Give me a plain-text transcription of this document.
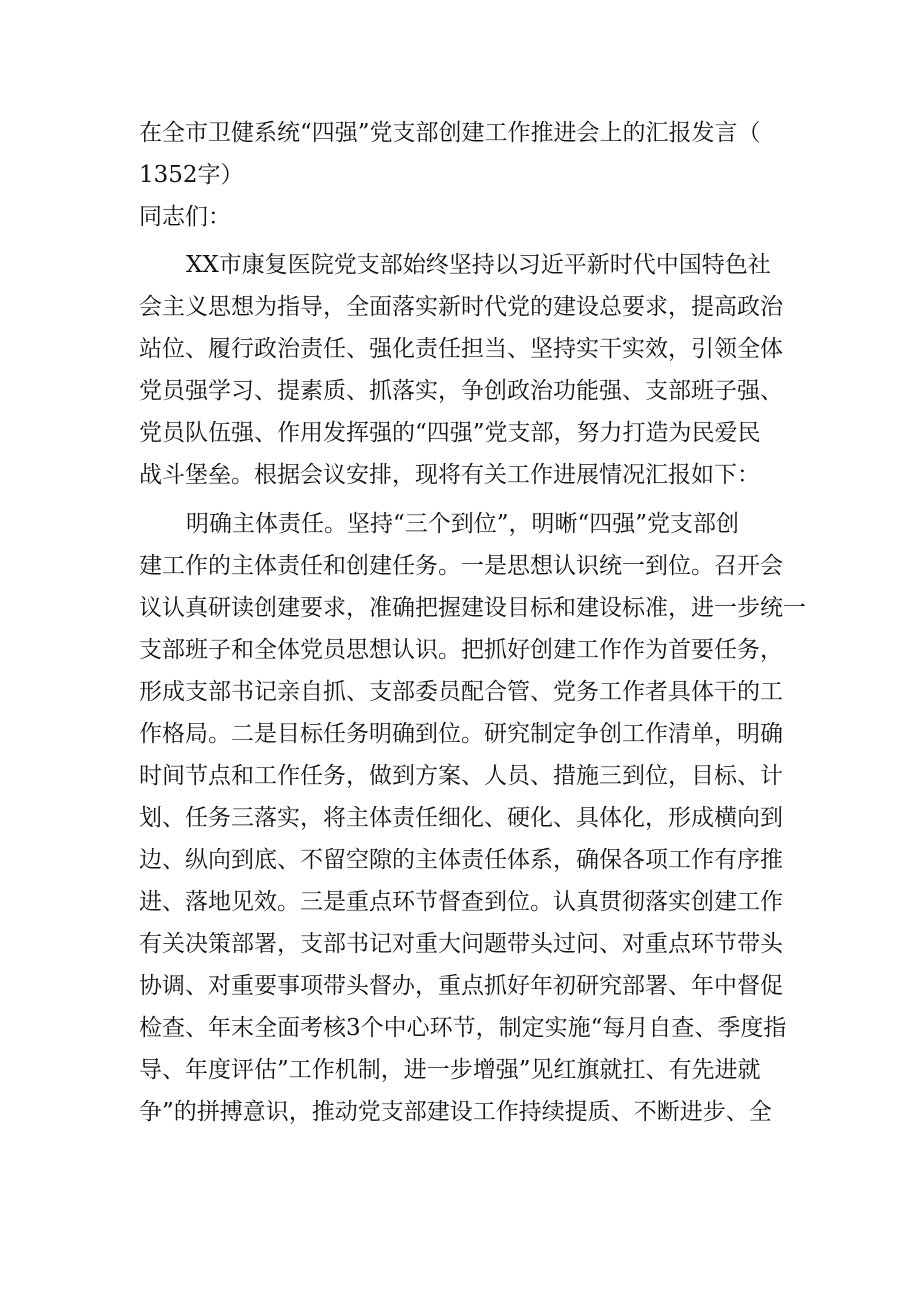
在全市卫健系统“四强”党支部创建工作推进会上的汇报发言（
1352字）
同志们：
XX市康复医院党支部始终坚持以习近平新时代中国特色社
会主义思想为指导，全面落实新时代党的建设总要求，提高政治
站位、履行政治责任、强化责任担当、坚持实干实效，引领全体
党员强学习、提素质、抓落实，争创政治功能强、支部班子强、
党员队伍强、作用发挥强的“四强”党支部，努力打造为民爱民
战斗堡垒。根据会议安排，现将有关工作进展情况汇报如下：
明确主体责任。坚持“三个到位”，明晰“四强”党支部创
建工作的主体责任和创建任务。一是思想认识统一到位。召开会
议认真研读创建要求，准确把握建设目标和建设标准，进一步统一
支部班子和全体党员思想认识。把抓好创建工作作为首要任务，
形成支部书记亲自抓、支部委员配合管、党务工作者具体干的工
作格局。二是目标任务明确到位。研究制定争创工作清单，明确
时间节点和工作任务，做到方案、人员、措施三到位，目标、计
划、任务三落实，将主体责任细化、硬化、具体化，形成横向到
边、纵向到底、不留空隙的主体责任体系，确保各项工作有序推
进、落地见效。三是重点环节督查到位。认真贯彻落实创建工作
有关决策部署，支部书记对重大问题带头过问、对重点环节带头
协调、对重要事项带头督办，重点抓好年初研究部署、年中督促
检查、年末全面考核3个中心环节，制定实施“每月自查、季度指
导、年度评估”工作机制，进一步增强”见红旗就扛、有先进就
争”的拼搏意识，推动党支部建设工作持续提质、不断进步、全
